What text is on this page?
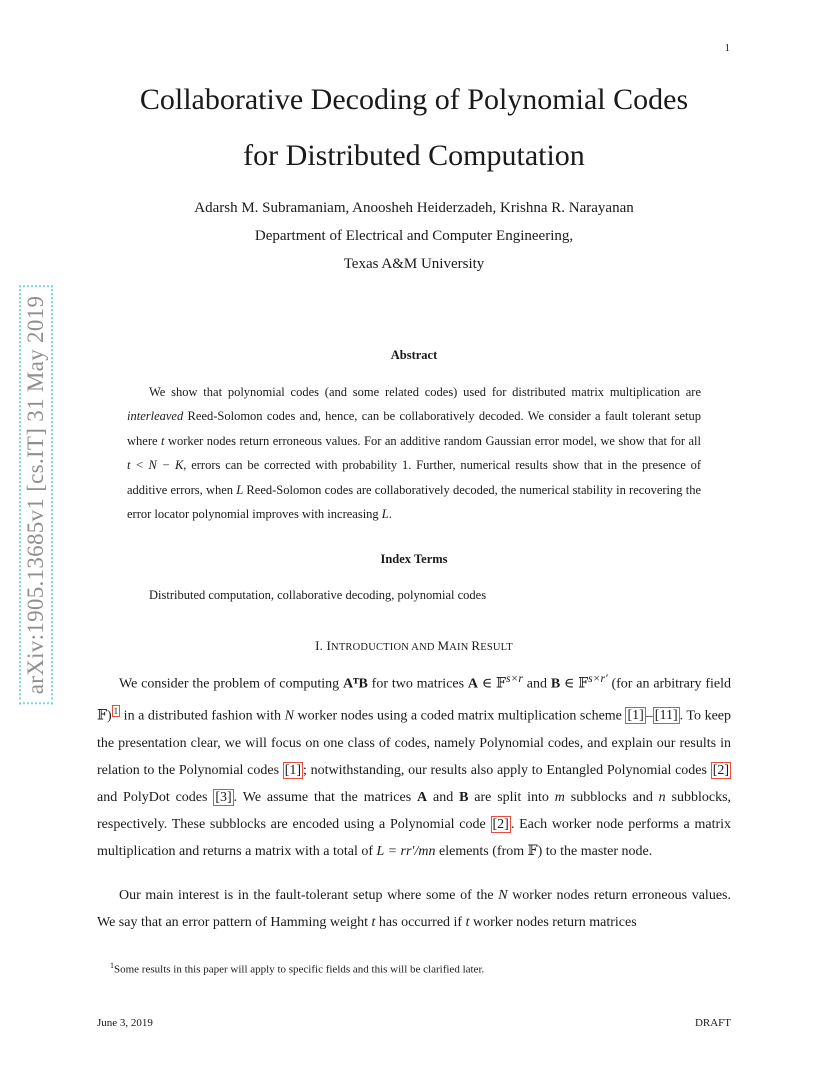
1
Collaborative Decoding of Polynomial Codes
for Distributed Computation
Adarsh M. Subramaniam, Anoosheh Heiderzadeh, Krishna R. Narayanan
Department of Electrical and Computer Engineering,
Texas A&M University
arXiv:1905.13685v1 [cs.IT] 31 May 2019	Abstract
We show that polynomial codes (and some related codes) used for distributed matrix multiplication are interleaved Reed-Solomon codes and, hence, can be collaboratively decoded. We consider a fault tolerant setup where t worker nodes return erroneous values. For an additive random Gaussian error model, we show that for all t < N − K, errors can be corrected with probability 1. Further, numerical results show that in the presence of additive errors, when L Reed-Solomon codes are collaboratively decoded, the numerical stability in recovering the error locator polynomial improves with increasing L.
Index Terms
Distributed computation, collaborative decoding, polynomial codes
I. INTRODUCTION AND MAIN RESULT
We consider the problem of computing AᵀB for two matrices A ∈ 𝔽$^{s\times r}$ and B ∈ 𝔽$^{s\times r'}$ (for an arbitrary field 𝔽) $^1$ in a distributed fashion with N worker nodes using a coded matrix multiplication scheme [1] – [11] . To keep the presentation clear, we will focus on one class of codes, namely Polynomial codes, and explain our results in relation to the Polynomial codes [1] ; notwithstanding, our results also apply to Entangled Polynomial codes [2] and PolyDot codes [3] . We assume that the matrices A and B are split into m subblocks and n subblocks, respectively. These subblocks are encoded using a Polynomial code [2] . Each worker node performs a matrix multiplication and returns a matrix with a total of L = rr′/mn elements (from 𝔽) to the master node.
Our main interest is in the fault-tolerant setup where some of the N worker nodes return erroneous values. We say that an error pattern of Hamming weight t has occurred if t worker nodes return matrices
$^1$Some results in this paper will apply to specific fields and this will be clarified later.
June 3, 2019	DRAFT
